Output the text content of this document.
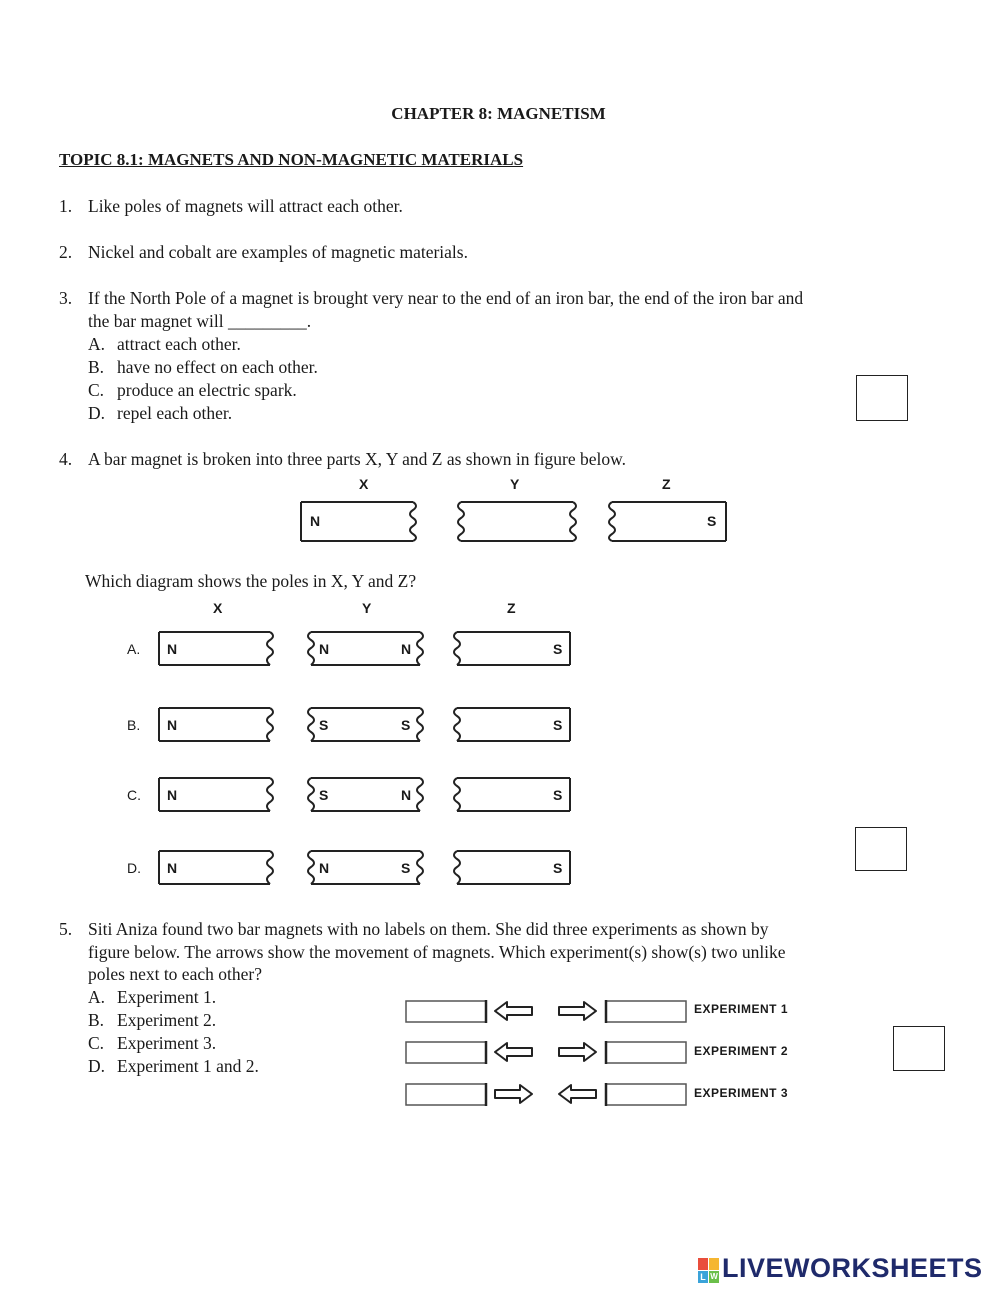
CHAPTER 8: MAGNETISM
TOPIC 8.1: MAGNETS AND NON-MAGNETIC MATERIALS
1. Like poles of magnets will attract each other.
2. Nickel and cobalt are examples of magnetic materials.
3. If the North Pole of a magnet is brought very near to the end of an iron bar, the end of the iron bar and
the bar magnet will _________.
A. attract each other.
B. have no effect on each other.
C. produce an electric spark.
D. repel each other.
4. A bar magnet is broken into three parts X, Y and Z as shown in figure below.
X	Y	Z
N	S
Which diagram shows the poles in X, Y and Z?
X	Y	Z
A. N	N	N	S
B. N	S	S	S
C. N	S	N	S
D. N	N	S	S
5. Siti Aniza found two bar magnets with no labels on them. She did three experiments as shown by
figure below. The arrows show the movement of magnets. Which experiment(s) show(s) two unlike
poles next to each other?
A. Experiment 1.
B. Experiment 2.
C. Experiment 3.
D. Experiment 1 and 2.
EXPERIMENT 1
EXPERIMENT 2
EXPERIMENT 3
L W LIVEWORKSHEETS
